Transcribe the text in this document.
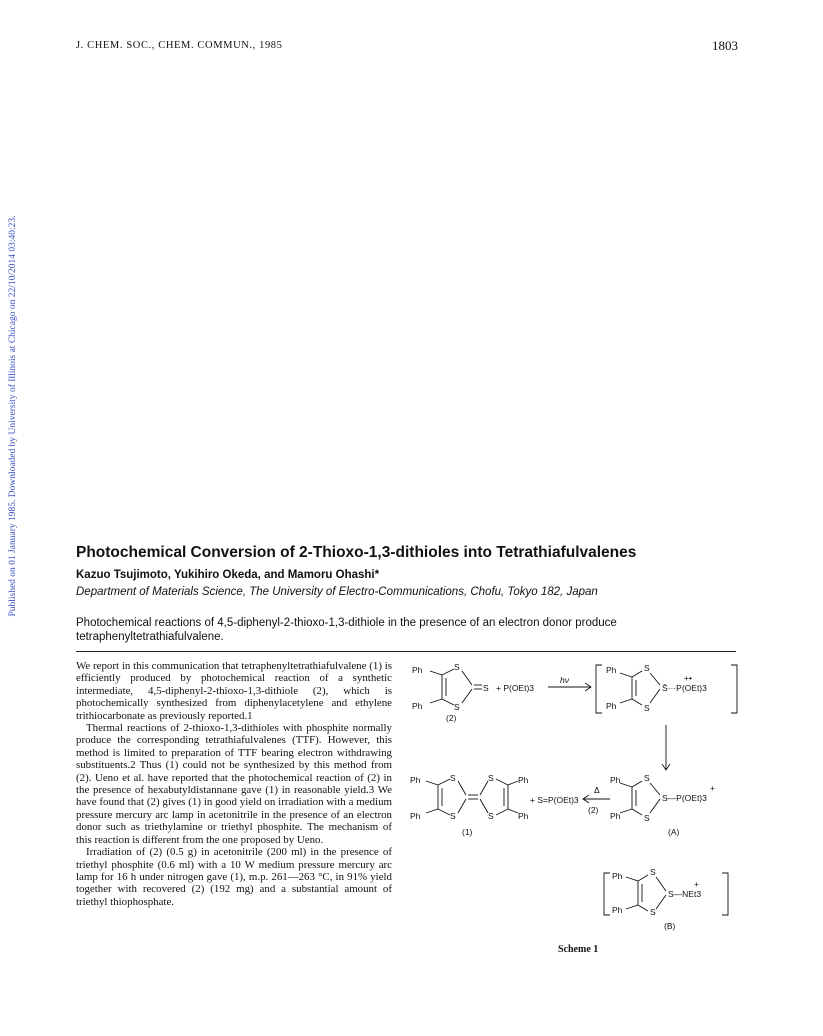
J. CHEM. SOC., CHEM. COMMUN., 1985	1803
Published on 01 January 1985. Downloaded by University of Illinois at Chicago on 22/10/2014 03:40:23.	Photochemical Conversion of 2-Thioxo-1,3-dithioles into Tetrathiafulvalenes
Kazuo Tsujimoto, Yukihiro Okeda, and Mamoru Ohashi*
Department of Materials Science, The University of Electro-Communications, Chofu, Tokyo 182, Japan
Photochemical reactions of 4,5-diphenyl-2-thioxo-1,3-dithiole in the presence of an electron donor produce tetraphenyltetrathiafulvalene.

We report in this communication that tetraphenyltetrathiafulvalene (1) is efficiently produced by photochemical reaction of a synthetic intermediate, 4,5-diphenyl-2-thioxo-1,3-dithiole (2), which is photochemically synthesized from diphenylacetylene and ethylene trithiocarbonate as previously reported.1

Thermal reactions of 2-thioxo-1,3-dithioles with phosphite normally produce the corresponding tetrathiafulvalenes (TTF). However, this method is limited to preparation of TTF bearing electron withdrawing substituents.2 Thus (1) could not be synthesized by this method from (2). Ueno et al. have reported that the photochemical reaction of (2) in the presence of hexabutyldistannane gave (1) in reasonable yield.3 We have found that (2) gives (1) in good yield on irradiation with a medium pressure mercury arc lamp in acetonitrile in the presence of an electron donor such as triethylamine or triethyl phosphite. The mechanism of this reaction is different from the one proposed by Ueno.

Irradiation of (2) (0.5 g) in acetonitrile (200 ml) in the presence of triethyl phosphite (0.6 ml) with a 10 W medium pressure mercury arc lamp for 16 h under nitrogen gave (1), m.p. 261—263 °C, in 91% yield together with recovered (2) (192 mg) and a substantial amount of triethyl thiophosphate.

Ph
Ph
S
S
S + P(OEt)3
(2)
hν
Ph
Ph
S
S
S̄···P(OEt)3
+•
Ph
Ph
S
S
S
S
Ph
Ph
(1)
+ S=P(OEt)3
Δ
(2)
Ph
Ph
S
S
S—P(OEt)3
+
(A)
Ph
Ph
S
S
S—NEt3
+
(B)
Scheme 1
